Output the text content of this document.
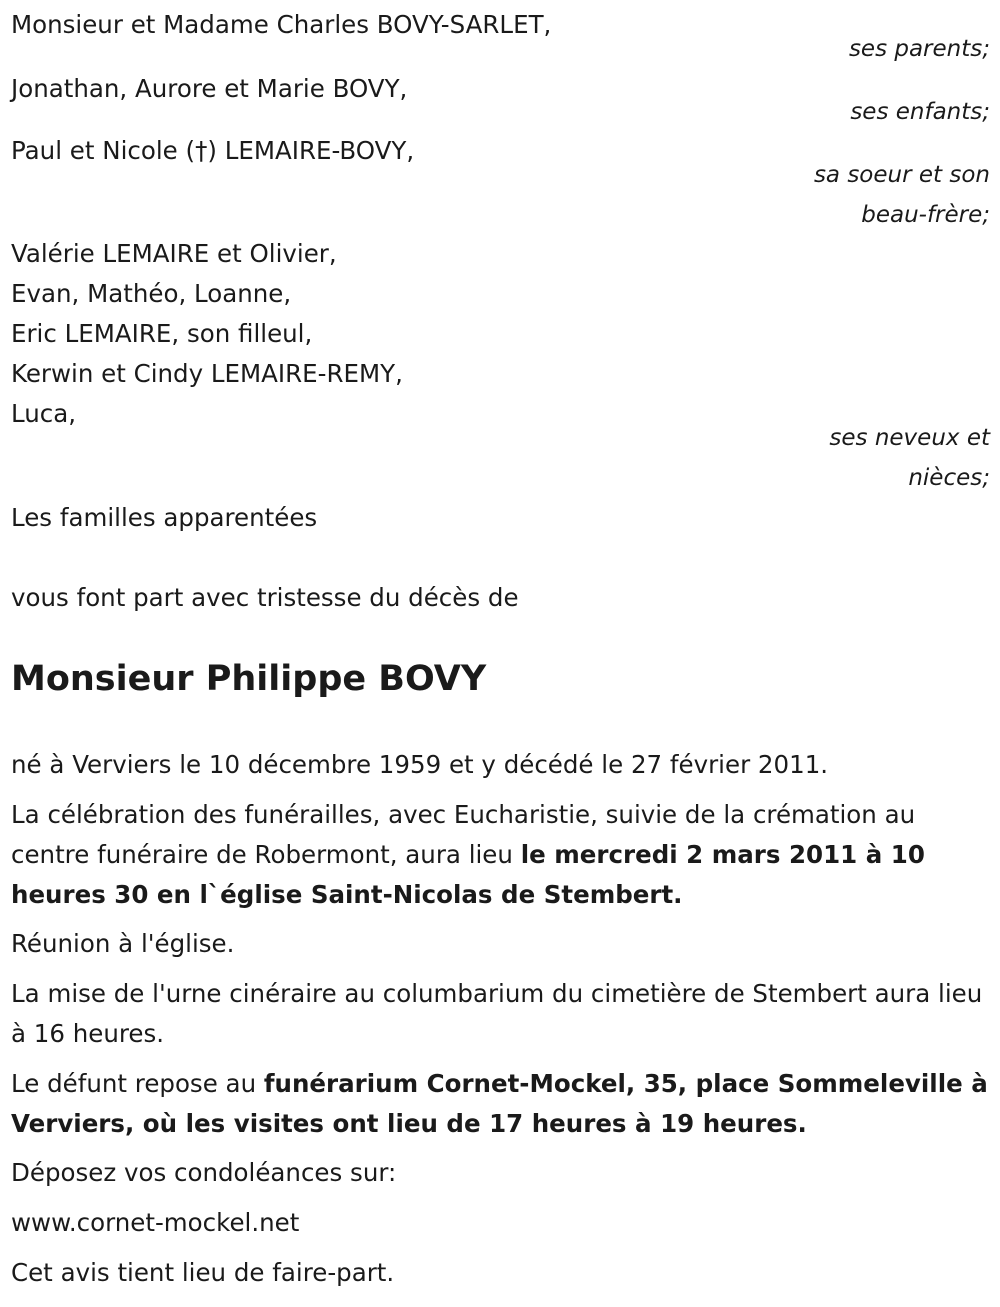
Monsieur et Madame Charles BOVY-SARLET,
ses parents;
Jonathan, Aurore et Marie BOVY,
ses enfants;
Paul et Nicole (†) LEMAIRE-BOVY,
sa soeur et son
beau-frère;
Valérie LEMAIRE et Olivier,
Evan, Mathéo, Loanne,
Eric LEMAIRE, son filleul,
Kerwin et Cindy LEMAIRE-REMY,
Luca,
ses neveux et
nièces;
Les familles apparentées
vous font part avec tristesse du décès de
Monsieur Philippe BOVY
né à Verviers le 10 décembre 1959 et y décédé le 27 février 2011.
La célébration des funérailles, avec Eucharistie, suivie de la crémation au centre funéraire de Robermont, aura lieu le mercredi 2 mars 2011 à 10 heures 30 en l`église Saint-Nicolas de Stembert.
Réunion à l'église.
La mise de l'urne cinéraire au columbarium du cimetière de Stembert aura lieu à 16 heures.
Le défunt repose au funérarium Cornet-Mockel, 35, place Sommeleville à Verviers, où les visites ont lieu de 17 heures à 19 heures.
Déposez vos condoléances sur:
www.cornet-mockel.net
Cet avis tient lieu de faire-part.
